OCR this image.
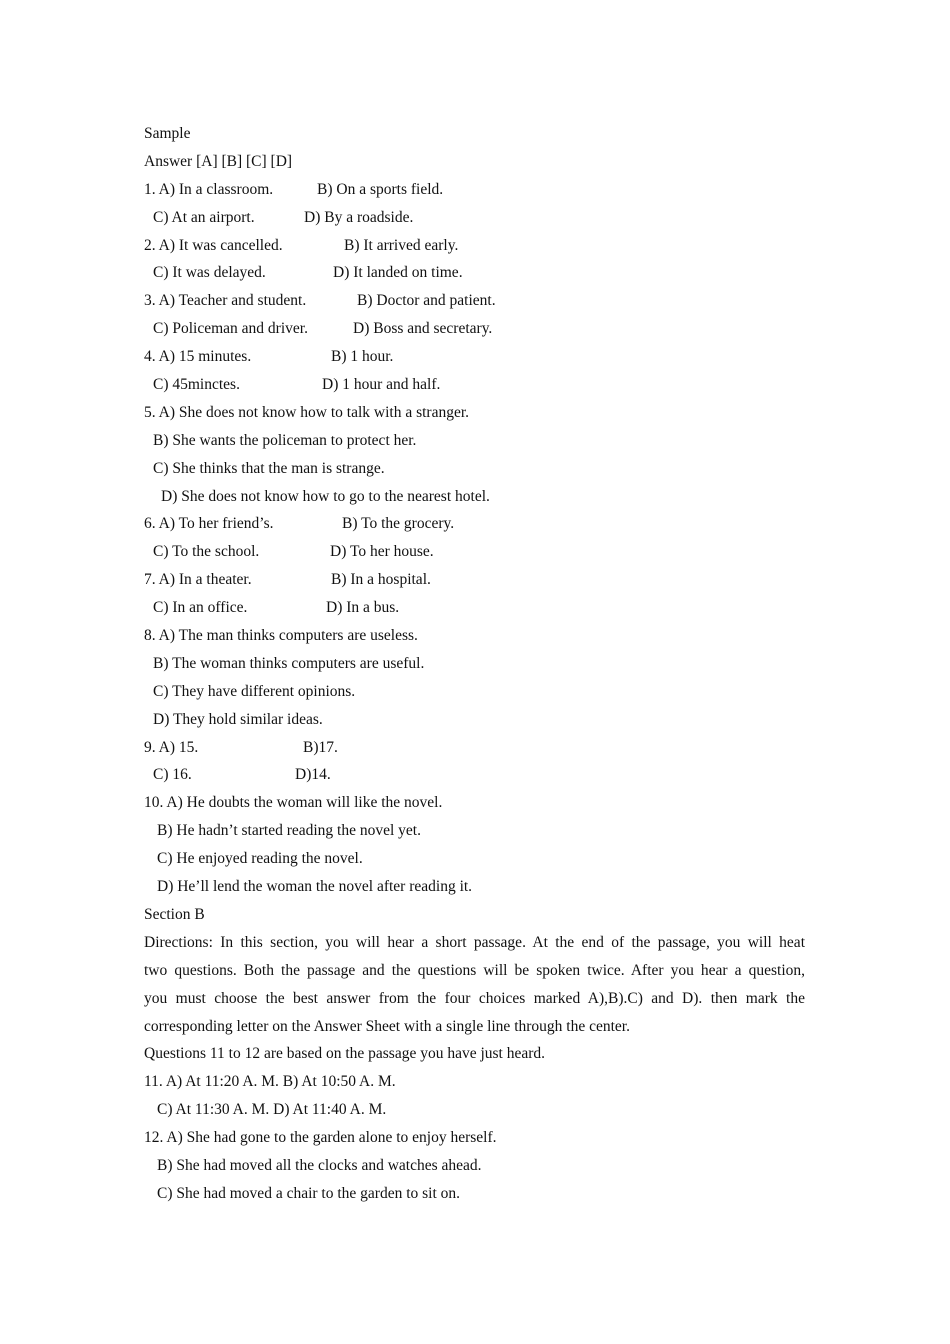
Sample
Answer [A] [B] [C] [D]
1. A) In a classroom.	B) On a sports field.
C) At an airport.	D) By a roadside.
2. A) It was cancelled.	B) It arrived early.
C) It was delayed.	D) It landed on time.
3. A) Teacher and student.	B) Doctor and patient.
C) Policeman and driver.	D) Boss and secretary.
4. A) 15 minutes.	B) 1 hour.
C) 45minctes.	D) 1 hour and half.
5. A) She does not know how to talk with a stranger.
B) She wants the policeman to protect her.
C) She thinks that the man is strange.
D) She does not know how to go to the nearest hotel.
6. A) To her friend’s.	B) To the grocery.
C) To the school.	D) To her house.
7. A) In a theater.	B) In a hospital.
C) In an office.	D) In a bus.
8. A) The man thinks computers are useless.
B) The woman thinks computers are useful.
C) They have different opinions.
D) They hold similar ideas.
9. A) 15.	B)17.
C) 16.	D)14.
10. A) He doubts the woman will like the novel.
B) He hadn’t started reading the novel yet.
C) He enjoyed reading the novel.
D) He’ll lend the woman the novel after reading it.
Section B
Directions: In this section, you will hear a short passage. At the end of the passage, you will heat
two questions. Both the passage and the questions will be spoken twice. After you hear a question,
you must choose the best answer from the four choices marked A),B).C) and D). then mark the
corresponding letter on the Answer Sheet with a single line through the center.
Questions 11 to 12 are based on the passage you have just heard.
11. A) At 11:20 A. M. B) At 10:50 A. M.
C) At 11:30 A. M. D) At 11:40 A. M.
12. A) She had gone to the garden alone to enjoy herself.
B) She had moved all the clocks and watches ahead.
C) She had moved a chair to the garden to sit on.
